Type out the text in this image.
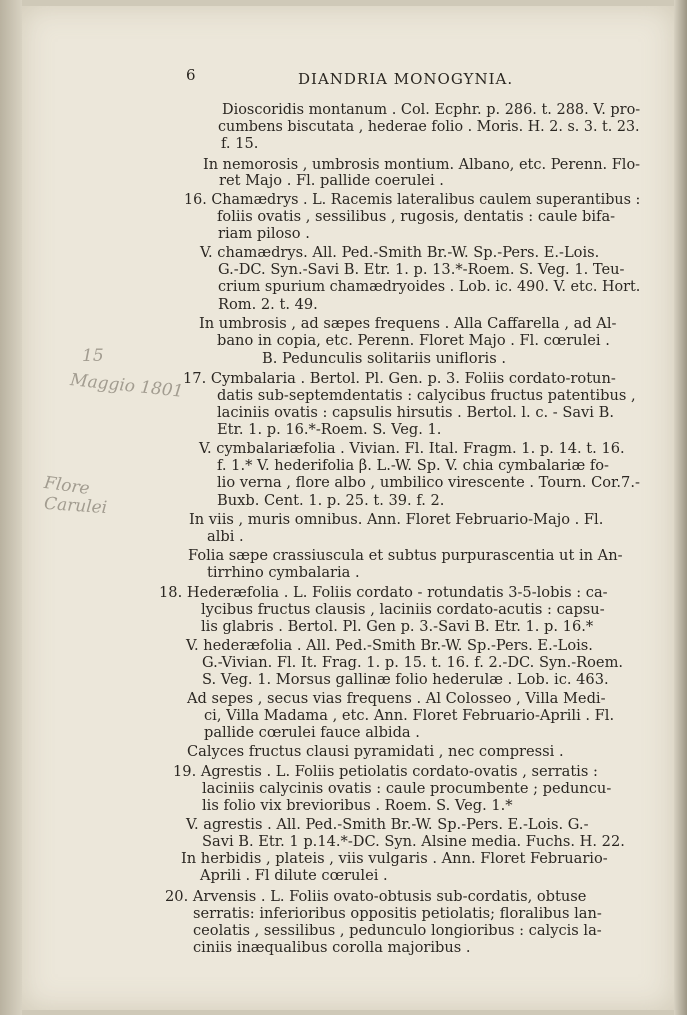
6	DIANDRIA MONOGYNIA.
Dioscoridis montanum . Col. Ecphr. p. 286. t. 288. V. pro-
cumbens biscutata , hederae folio . Moris. H. 2. s. 3. t. 23.
f. 15.
In nemorosis , umbrosis montium. Albano, etc. Perenn. Flo-
ret Majo . Fl. pallide coerulei .
16. Chamædrys . L. Racemis lateralibus caulem superantibus :
foliis ovatis , sessilibus , rugosis, dentatis : caule bifa-
riam piloso .
V. chamædrys. All. Ped.-Smith Br.-W. Sp.-Pers. E.-Lois.
G.-DC. Syn.-Savi B. Etr. 1. p. 13.*-Roem. S. Veg. 1. Teu-
crium spurium chamædryoides . Lob. ic. 490. V. etc. Hort.
Rom. 2. t. 49.
In umbrosis , ad sæpes frequens . Alla Caffarella , ad Al-
bano in copia, etc. Perenn. Floret Majo . Fl. cœrulei .
B. Pedunculis solitariis unifloris .
17. Cymbalaria . Bertol. Pl. Gen. p. 3. Foliis cordato-rotun-
datis sub-septemdentatis : calycibus fructus patentibus ,
laciniis ovatis : capsulis hirsutis . Bertol. l. c. - Savi B.
Etr. 1. p. 16.*-Roem. S. Veg. 1.
V. cymbalariæfolia . Vivian. Fl. Ital. Fragm. 1. p. 14. t. 16.
f. 1.* V. hederifolia β. L.-W. Sp. V. chia cymbalariæ fo-
lio verna , flore albo , umbilico virescente . Tourn. Cor.7.-
Buxb. Cent. 1. p. 25. t. 39. f. 2.
In viis , muris omnibus. Ann. Floret Februario-Majo . Fl.
albi .
Folia sæpe crassiuscula et subtus purpurascentia ut in An-
tirrhino cymbalaria .
18. Hederæfolia . L. Foliis cordato - rotundatis 3-5-lobis : ca-
lycibus fructus clausis , laciniis cordato-acutis : capsu-
lis glabris . Bertol. Pl. Gen p. 3.-Savi B. Etr. 1. p. 16.*
V. hederæfolia . All. Ped.-Smith Br.-W. Sp.-Pers. E.-Lois.
G.-Vivian. Fl. It. Frag. 1. p. 15. t. 16. f. 2.-DC. Syn.-Roem.
S. Veg. 1. Morsus gallinæ folio hederulæ . Lob. ic. 463.
Ad sepes , secus vias frequens . Al Colosseo , Villa Medi-
ci, Villa Madama , etc. Ann. Floret Februario-Aprili . Fl.
pallide cœrulei fauce albida .
Calyces fructus clausi pyramidati , nec compressi .
19. Agrestis . L. Foliis petiolatis cordato-ovatis , serratis :
laciniis calycinis ovatis : caule procumbente ; peduncu-
lis folio vix brevioribus . Roem. S. Veg. 1.*
V. agrestis . All. Ped.-Smith Br.-W. Sp.-Pers. E.-Lois. G.-
Savi B. Etr. 1 p.14.*-DC. Syn. Alsine media. Fuchs. H. 22.
In herbidis , plateis , viis vulgaris . Ann. Floret Februario-
Aprili . Fl dilute cœrulei .
20. Arvensis . L. Foliis ovato-obtusis sub-cordatis, obtuse
serratis: inferioribus oppositis petiolatis; floralibus lan-
ceolatis , sessilibus , pedunculo longioribus : calycis la-
ciniis inæqualibus corolla majoribus .
15
Maggio 1801
Flore
Carulei
